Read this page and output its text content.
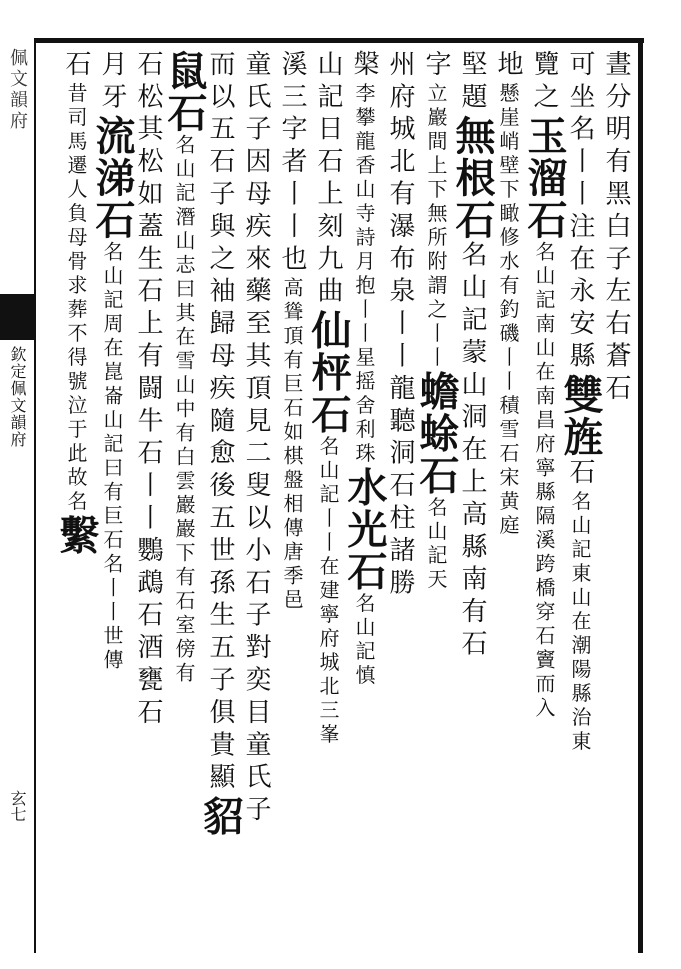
佩文韻府
欽定佩文韻府
玄七
晝分明有黑白子左右蒼石
可坐名丨丨注在永安縣雙旌石名山記東山在潮陽縣治東
覽之玉溜石名山記南山在南昌府寧縣隔溪跨橋穿石竇而入
地懸崖峭壁下瞰修水有釣磯丨丨積雪石宋黄庭
堅題無根石名山記蒙山洞在上高縣南有石
字立巖間上下無所附謂之丨丨蟾蜍石名山記天
州府城北有瀑布泉丨丨龍聽洞石柱諸勝
槃李攀龍香山寺詩月抱丨丨星摇舍利珠水光石名山記慎
山記日石上刻九曲仙枰石名山記丨丨在建寧府城北三峯
溪三字者丨丨也高聳頂有巨石如棋盤相傳唐季邑
童氏子因母疾來藥至其頂見二叟以小石子對奕目童氏子
而以五石子與之袖歸母疾隨愈後五世孫生五子俱貴顯貂
鼠石名山記潛山志曰其在雪山中有白雲巖巖下有石室傍有
石松其松如蓋生石上有闘牛石丨丨鸚鵡石酒甕石
月牙流涕石名山記周在崑崙山記曰有巨石名丨丨世傳
石昔司馬遷人負母骨求葬不得號泣于此故名繫
